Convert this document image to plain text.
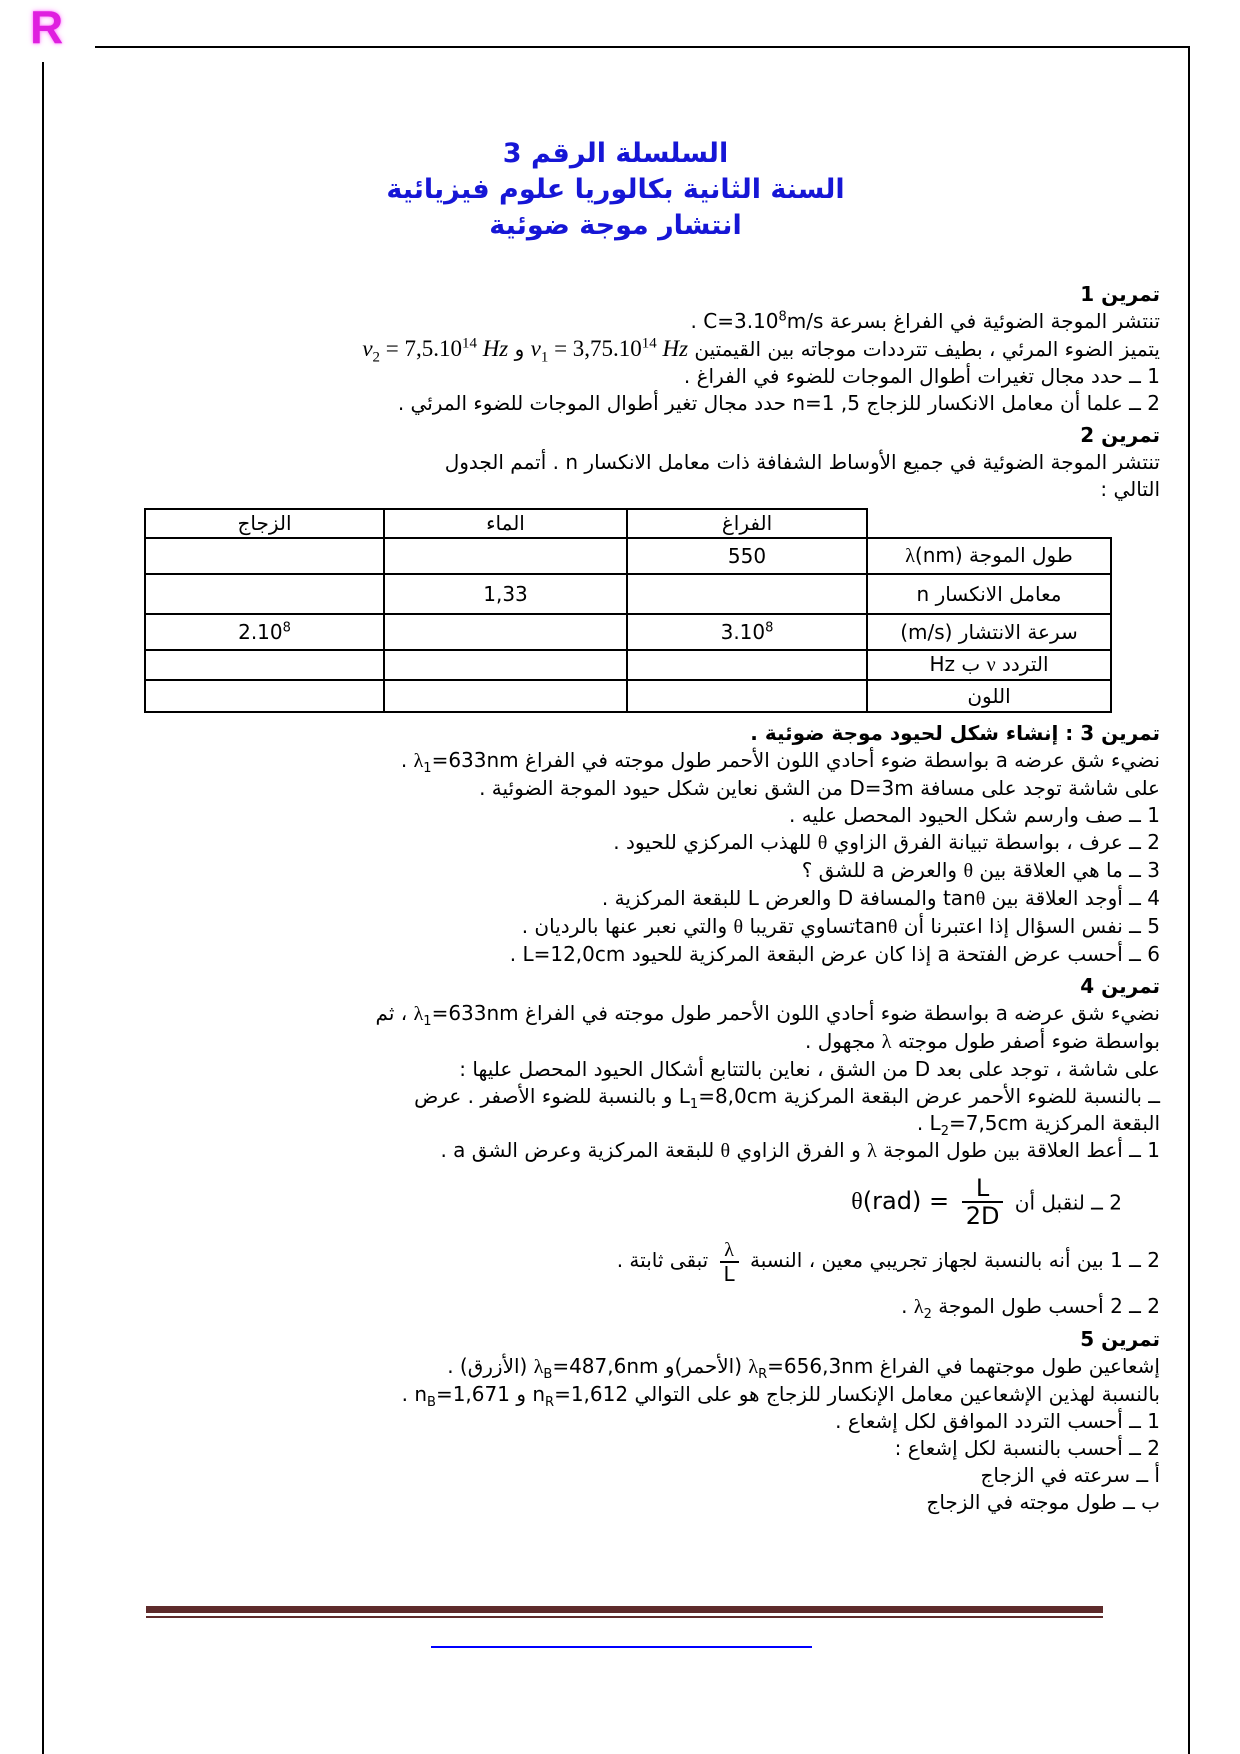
R
السلسلة الرقم 3
السنة الثانية بكالوريا علوم فيزيائية
انتشار موجة ضوئية
تمرين 1
تنتشر الموجة الضوئية في الفراغ بسرعة $C=3.10^8m/s$ .
يتميز الضوء المرئي ، بطيف تترددات موجاته بين القيمتين $\nu_1 = 3,75.10^{14}$ Hz و $\nu_2 = 7,5.10^{14}$ Hz
1 ــ حدد مجال تغيرات أطوال الموجات للضوء في الفراغ .
2 ــ علما أن معامل الانكسار للزجاج n=1 ,5 حدد مجال تغير أطوال الموجات للضوء المرئي .
تمرين 2
تنتشر الموجة الضوئية في جميع الأوساط الشفافة ذات معامل الانكسار n . أتمم الجدول
التالي :
	الفراغ	الماء	الزجاج
طول الموجة λ(nm)	550		
معامل الانكسار n		1,33	
سرعة الانتشار (m/s)	3.10$^8$		2.10$^8$
التردد ν ب Hz			
اللون			
تمرين 3 : إنشاء شكل لحيود موجة ضوئية .
نضيء شق عرضه a بواسطة ضوء أحادي اللون الأحمر طول موجته في الفراغ $\lambda_1=633nm$ .
على شاشة توجد على مسافة D=3m من الشق نعاين شكل حيود الموجة الضوئية .
1 ــ صف وارسم شكل الحيود المحصل عليه .
2 ــ عرف ، بواسطة تبيانة الفرق الزاوي θ للهذب المركزي للحيود .
3 ــ ما هي العلاقة بين θ والعرض a للشق ؟
4 ــ أوجد العلاقة بين tanθ والمسافة D والعرض L للبقعة المركزية .
5 ــ نفس السؤال إذا اعتبرنا أن tanθتساوي تقريبا θ والتي نعبر عنها بالرديان .
6 ــ أحسب عرض الفتحة a إذا كان عرض البقعة المركزية للحيود L=12,0cm .
تمرين 4
نضيء شق عرضه a بواسطة ضوء أحادي اللون الأحمر طول موجته في الفراغ $\lambda_1=633nm$ ، ثم
بواسطة ضوء أصفر طول موجته λ مجهول .
على شاشة ، توجد على بعد D من الشق ، نعاين بالتتابع أشكال الحيود المحصل عليها :
ــ بالنسبة للضوء الأحمر عرض البقعة المركزية $L_1=8,0cm$ و بالنسبة للضوء الأصفر . عرض
البقعة المركزية $L_2=7,5cm$ .
1 ــ أعط العلاقة بين طول الموجة λ و الفرق الزاوي θ للبقعة المركزية وعرض الشق a .
2 ــ لنقبل أن $\theta(rad) = \frac{L}{2D}$
2 ــ 1 بين أنه بالنسبة لجهاز تجريبي معين ، النسبة
$\frac{\lambda}{L}$
تبقى ثابتة .
2 ــ 2 أحسب طول الموجة $\lambda_2$ .
تمرين 5
إشعاعين طول موجتهما في الفراغ $\lambda_R=656,3nm$ (الأحمر)و $\lambda_B=487,6nm$ (الأزرق) .
بالنسبة لهذين الإشعاعين معامل الإنكسار للزجاج هو على التوالي $n_R=1,612$ و $n_B=1,671$ .
1 ــ أحسب التردد الموافق لكل إشعاع .
2 ــ أحسب بالنسبة لكل إشعاع :
أ ــ سرعته في الزجاج
ب ــ طول موجته في الزجاج
